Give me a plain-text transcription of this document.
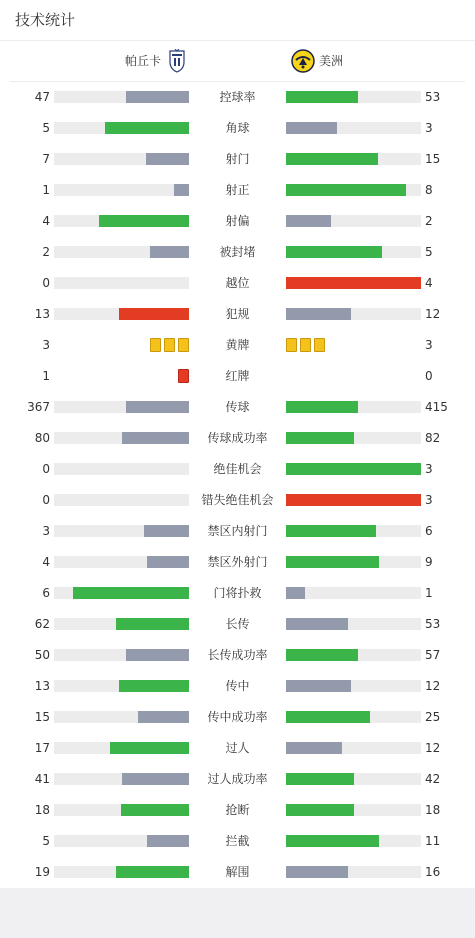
技术统计
帕丘卡	美洲
47	控球率	53
5	角球	3
7	射门	15
1	射正	8
4	射偏	2
2	被封堵	5
0	越位	4
13	犯规	12
3	黄牌	3
1	红牌	0
367	传球	415
80	传球成功率	82
0	绝佳机会	3
0	错失绝佳机会	3
3	禁区内射门	6
4	禁区外射门	9
6	门将扑救	1
62	长传	53
50	长传成功率	57
13	传中	12
15	传中成功率	25
17	过人	12
41	过人成功率	42
18	抢断	18
5	拦截	11
19	解围	16
